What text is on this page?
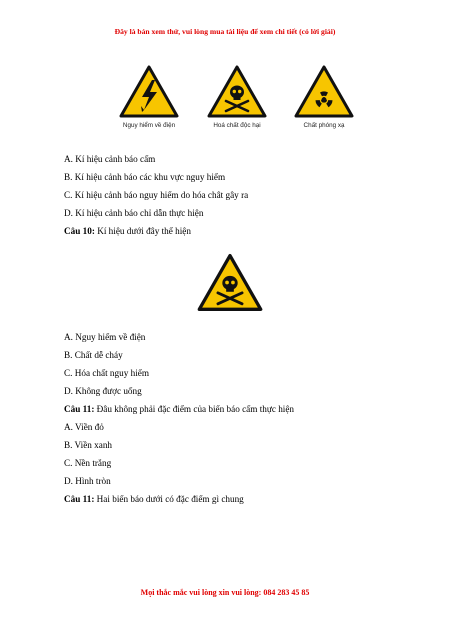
Đây là bản xem thử, vui lòng mua tài liệu để xem chi tiết (có lời giải)
Nguy hiểm về điện	Hoá chất độc hại	Chất phóng xạ
A. Kí hiệu cảnh báo cấm
B. Kí hiệu cảnh báo các khu vực nguy hiểm
C. Kí hiệu cảnh báo nguy hiểm do hóa chât gây ra
D. Kí hiệu cảnh báo chỉ dẫn thực hiện
Câu 10: Kí hiệu dưới đây thể hiện
A. Nguy hiểm về điện
B. Chất dễ cháy
C. Hóa chất nguy hiểm
D. Không được uống
Câu 11: Đâu không phải đặc điểm của biển báo cấm thực hiện
A. Viền đỏ
B. Viền xanh
C. Nền trắng
D. Hình tròn
Câu 11: Hai biển báo dưới có đặc điểm gì chung
Mọi thắc mắc vui lòng xin vui lòng: 084 283 45 85
